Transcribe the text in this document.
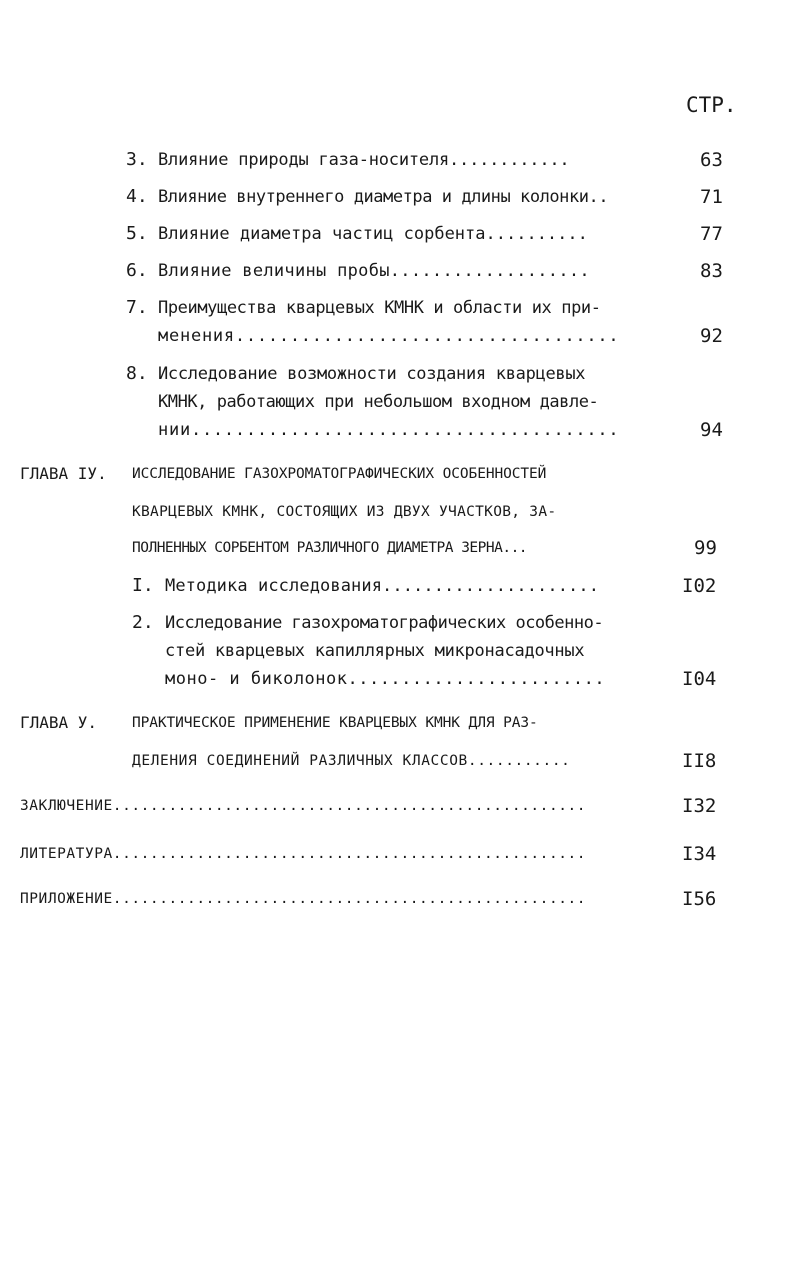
СТР.
3. Влияние природы газа-носителя............	63
4. Влияние внутреннего диаметра и длины колонки..	71
5. Влияние диаметра частиц сорбента..........	77
6. Влияние величины пробы...................	83
7. Преимущества кварцевых КМНК и области их при-
менения...................................	92
8. Исследование возможности создания кварцевых
КМНК, работающих при небольшом входном давле-
нии.......................................	94
ГЛАВА IУ. ИССЛЕДОВАНИЕ ГАЗОХРОМАТОГРАФИЧЕСКИХ ОСОБЕННОСТЕЙ
КВАРЦЕВЫХ КМНК, СОСТОЯЩИХ ИЗ ДВУХ УЧАСТКОВ, ЗА-
ПОЛНЕННЫХ СОРБЕНТОМ РАЗЛИЧНОГО ДИАМЕТРА ЗЕРНА...	99
I. Методика исследования.....................	I02
2. Исследование газохроматографических особенно-
стей кварцевых капиллярных микронасадочных
моно- и биколонок........................	I04
ГЛАВА У. ПРАКТИЧЕСКОЕ ПРИМЕНЕНИЕ КВАРЦЕВЫХ КМНК ДЛЯ РАЗ-
ДЕЛЕНИЯ СОЕДИНЕНИЙ РАЗЛИЧНЫХ КЛАССОВ...........	II8
ЗАКЛЮЧЕНИЕ...................................................	I32
ЛИТЕРАТУРА...................................................	I34
ПРИЛОЖЕНИЕ...................................................	I56
